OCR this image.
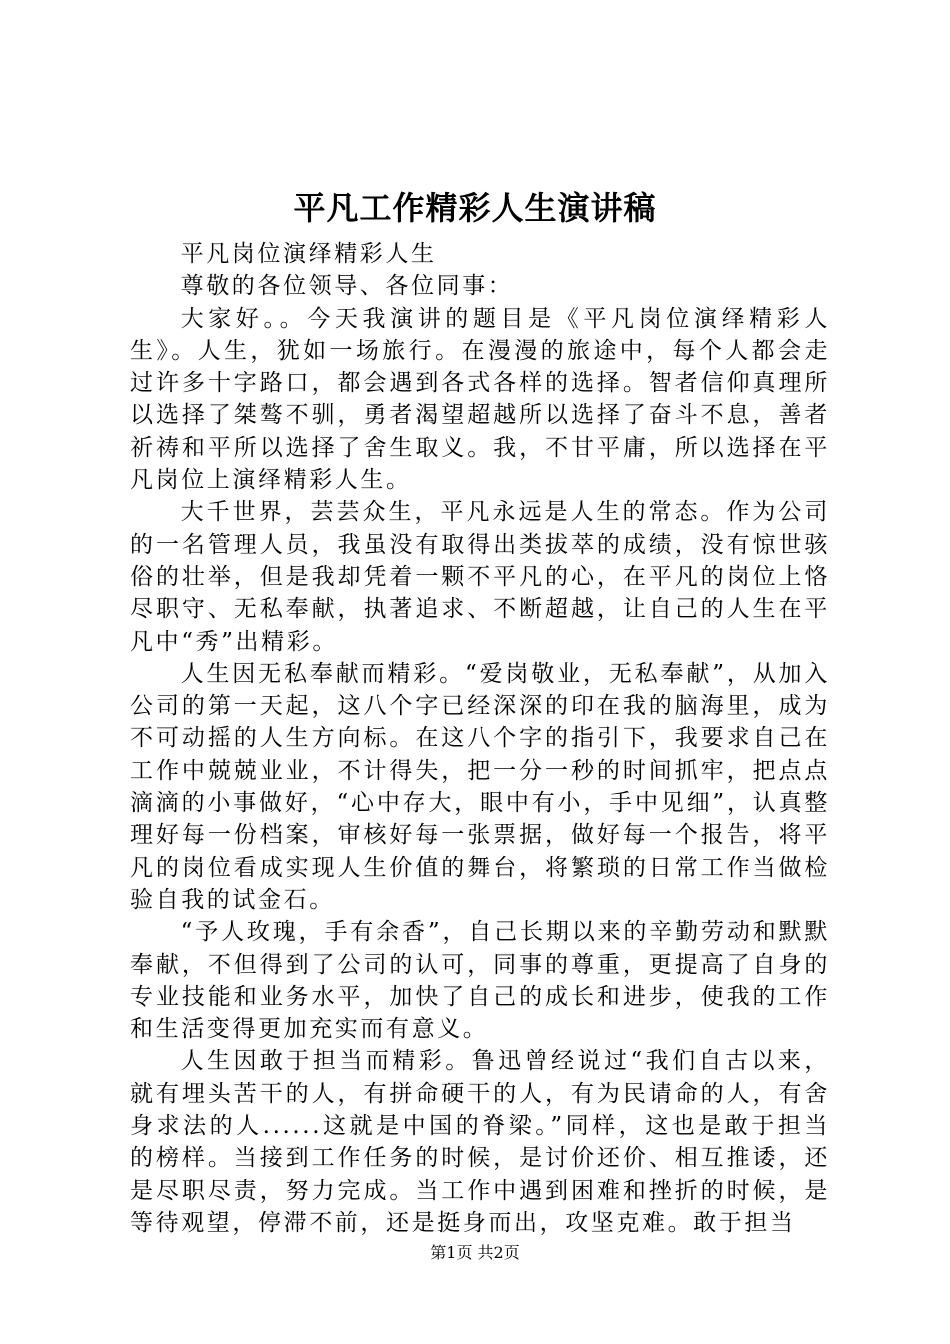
平凡工作精彩人生演讲稿

平凡岗位演绎精彩人生

尊敬的各位领导、各位同事：

大家好。。今天我演讲的题目是《平凡岗位演绎精彩人生》。人生，犹如一场旅行。在漫漫的旅途中，每个人都会走过许多十字路口，都会遇到各式各样的选择。智者信仰真理所以选择了桀骜不驯，勇者渴望超越所以选择了奋斗不息，善者祈祷和平所以选择了舍生取义。我，不甘平庸，所以选择在平凡岗位上演绎精彩人生。

大千世界，芸芸众生，平凡永远是人生的常态。作为公司的一名管理人员，我虽没有取得出类拔萃的成绩，没有惊世骇俗的壮举，但是我却凭着一颗不平凡的心，在平凡的岗位上恪尽职守、无私奉献，执著追求、不断超越，让自己的人生在平凡中“秀”出精彩。

人生因无私奉献而精彩。“爱岗敬业，无私奉献”，从加入公司的第一天起，这八个字已经深深的印在我的脑海里，成为不可动摇的人生方向标。在这八个字的指引下，我要求自己在工作中兢兢业业，不计得失，把一分一秒的时间抓牢，把点点滴滴的小事做好，“心中存大，眼中有小，手中见细”，认真整理好每一份档案，审核好每一张票据，做好每一个报告，将平凡的岗位看成实现人生价值的舞台，将繁琐的日常工作当做检验自我的试金石。

“予人玫瑰，手有余香”，自己长期以来的辛勤劳动和默默奉献，不但得到了公司的认可，同事的尊重，更提高了自身的专业技能和业务水平，加快了自己的成长和进步，使我的工作和生活变得更加充实而有意义。

人生因敢于担当而精彩。鲁迅曾经说过“我们自古以来，就有埋头苦干的人，有拼命硬干的人，有为民请命的人，有舍身求法的人......这就是中国的脊梁。”同样，这也是敢于担当的榜样。当接到工作任务的时候，是讨价还价、相互推诿，还是尽职尽责，努力完成。当工作中遇到困难和挫折的时候，是等待观望，停滞不前，还是挺身而出，攻坚克难。敢于担当

第1页 共2页
